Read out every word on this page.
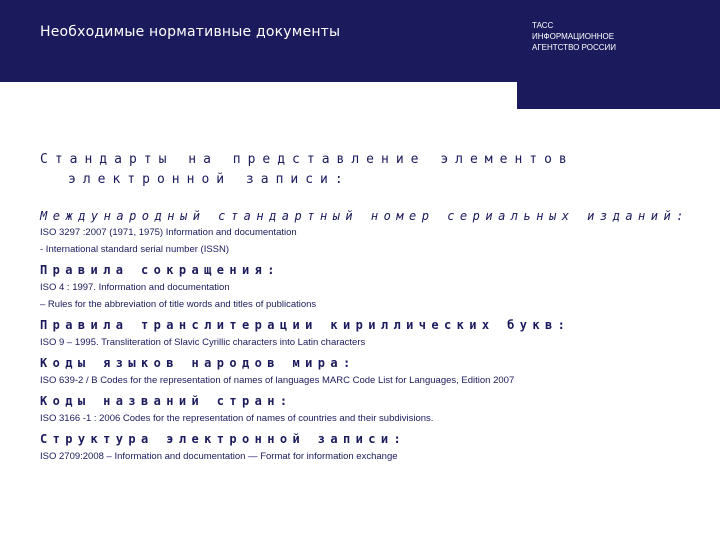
Необходимые нормативные документы	ТАСС
ИНФОРМАЦИОННОЕ
АГЕНТСТВО РОССИИ

Стандарты на представление элементов электронной записи:

Международный стандартный номер сериальных изданий:

ISO 3297 :2007 (1971, 1975) Information and documentation

- International standard serial number (ISSN)

Правила сокращения:

ISO 4 : 1997. Information and documentation

– Rules for the abbreviation of title words and titles of publications

Правила транслитерации кириллических букв:

ISO 9 – 1995. Transliteration of Slavic Cyrillic characters into Latin characters

Коды языков народов мира:

ISO 639-2 / B Codes for the representation of names of languages MARC Code List for Languages, Edition 2007

Коды названий стран:

ISO 3166 -1 : 2006 Codes for the representation of names of countries and their subdivisions.

Структура электронной записи:

ISO 2709:2008 – Information and documentation — Format for information exchange
